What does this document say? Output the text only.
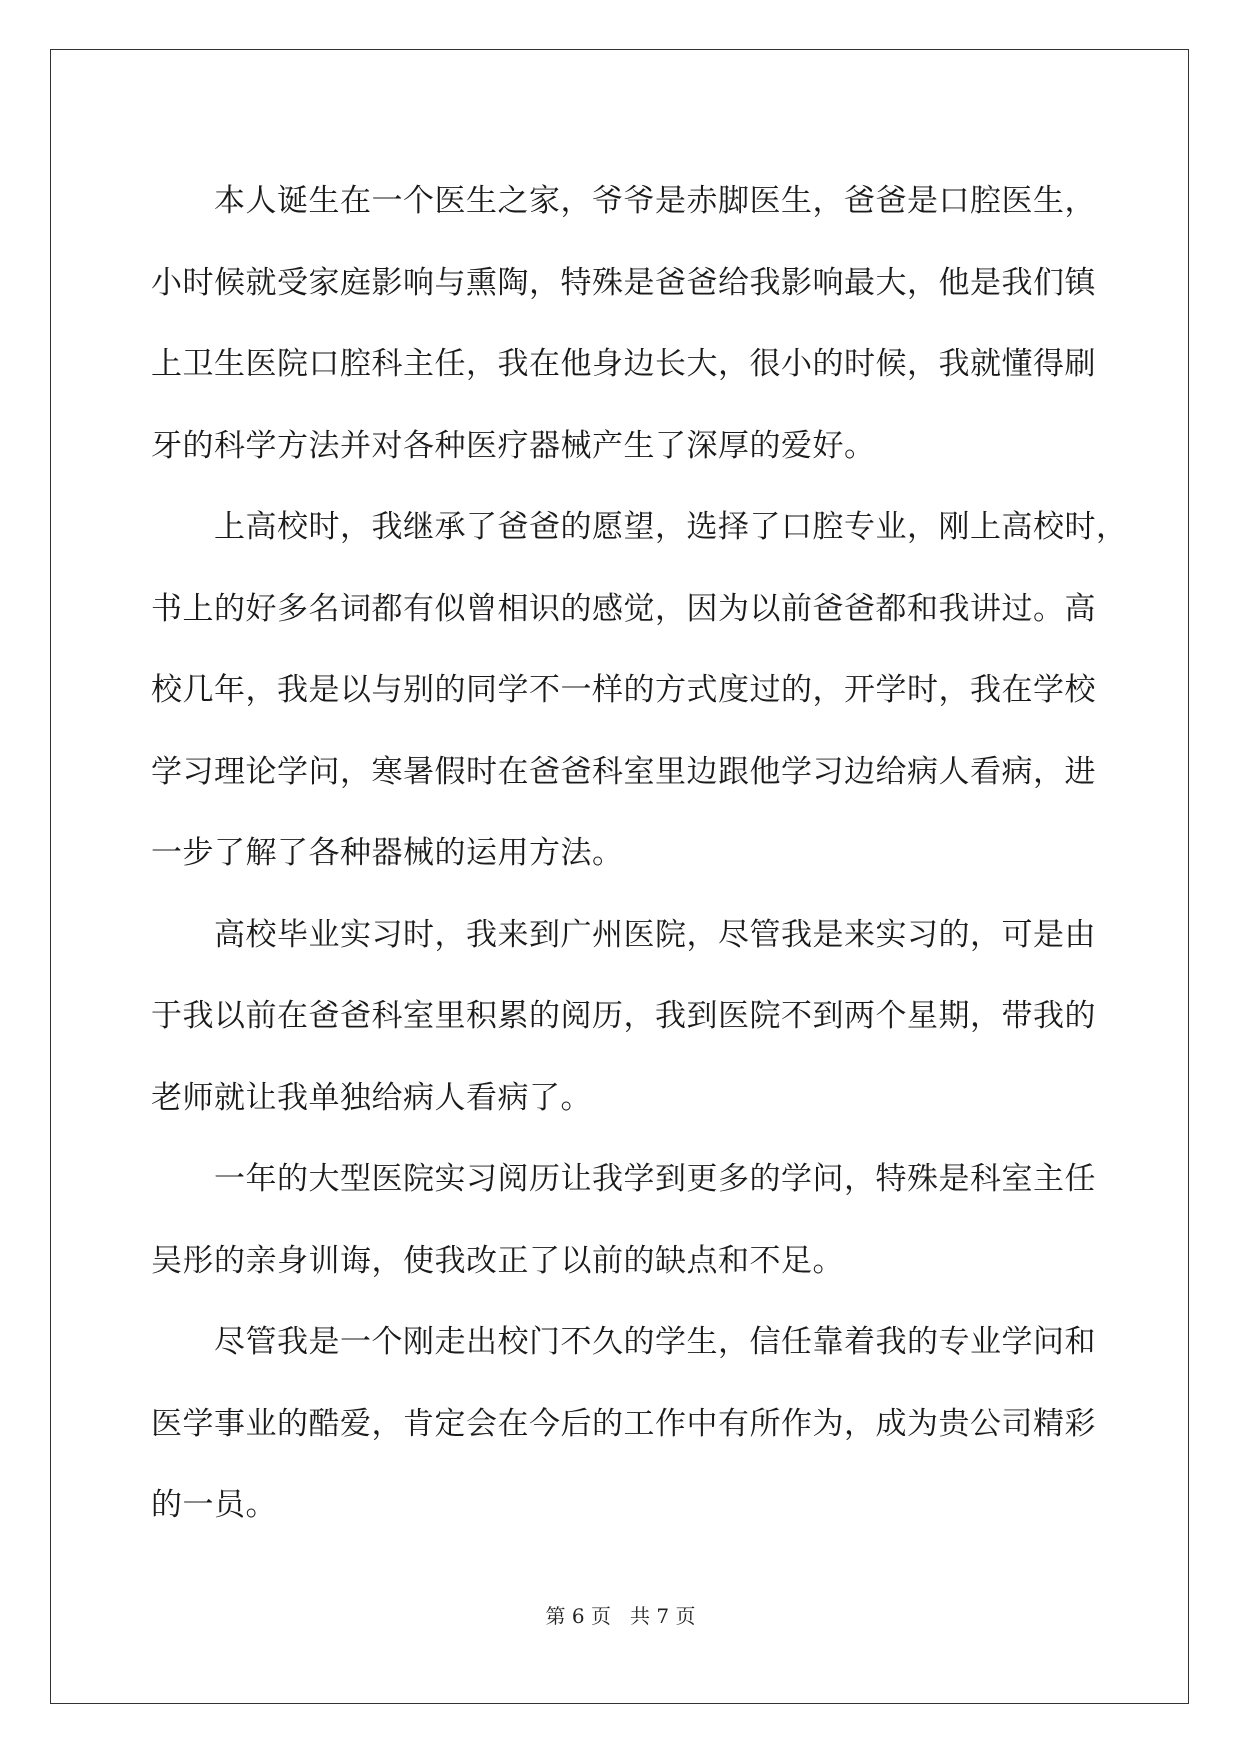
本人诞生在一个医生之家，爷爷是赤脚医生，爸爸是口腔医生，
小时候就受家庭影响与熏陶，特殊是爸爸给我影响最大，他是我们镇
上卫生医院口腔科主任，我在他身边长大，很小的时候，我就懂得刷
牙的科学方法并对各种医疗器械产生了深厚的爱好。
上高校时，我继承了爸爸的愿望，选择了口腔专业，刚上高校时，
书上的好多名词都有似曾相识的感觉，因为以前爸爸都和我讲过。高
校几年，我是以与别的同学不一样的方式度过的，开学时，我在学校
学习理论学问，寒暑假时在爸爸科室里边跟他学习边给病人看病，进
一步了解了各种器械的运用方法。
高校毕业实习时，我来到广州医院，尽管我是来实习的，可是由
于我以前在爸爸科室里积累的阅历，我到医院不到两个星期，带我的
老师就让我单独给病人看病了。
一年的大型医院实习阅历让我学到更多的学问，特殊是科室主任
吴彤的亲身训诲，使我改正了以前的缺点和不足。
尽管我是一个刚走出校门不久的学生，信任靠着我的专业学问和
医学事业的酷爱，肯定会在今后的工作中有所作为，成为贵公司精彩
的一员。
第 6 页   共 7 页
